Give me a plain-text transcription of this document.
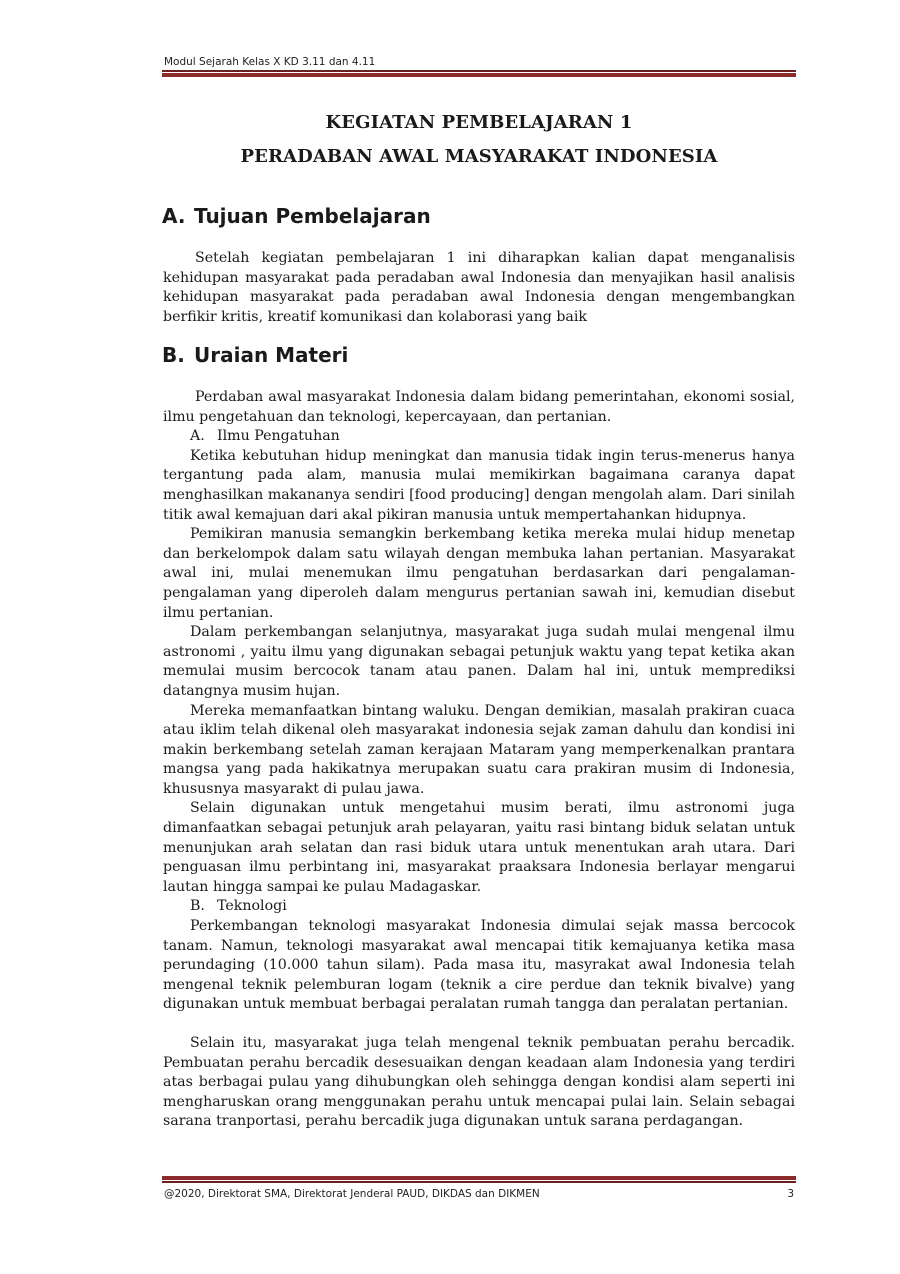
Modul Sejarah Kelas X KD 3.11 dan 4.11
KEGIATAN PEMBELAJARAN 1
PERADABAN AWAL MASYARAKAT INDONESIA
A. Tujuan Pembelajaran

Setelah kegiatan pembelajaran 1 ini diharapkan kalian dapat menganalisis kehidupan masyarakat pada peradaban awal Indonesia dan menyajikan hasil analisis kehidupan masyarakat pada peradaban awal Indonesia dengan mengembangkan berfikir kritis, kreatif komunikasi dan kolaborasi yang baik

B. Uraian Materi

Perdaban awal masyarakat Indonesia dalam bidang pemerintahan, ekonomi sosial, ilmu pengetahuan dan teknologi, kepercayaan, dan pertanian.

A. Ilmu Pengatuhan

Ketika kebutuhan hidup meningkat dan manusia tidak ingin terus-menerus hanya tergantung pada alam, manusia mulai memikirkan bagaimana caranya dapat menghasilkan makananya sendiri [food producing] dengan mengolah alam. Dari sinilah titik awal kemajuan dari akal pikiran manusia untuk mempertahankan hidupnya.

Pemikiran manusia semangkin berkembang ketika mereka mulai hidup menetap dan berkelompok dalam satu wilayah dengan membuka lahan pertanian. Masyarakat awal ini, mulai menemukan ilmu pengatuhan berdasarkan dari pengalaman-pengalaman yang diperoleh dalam mengurus pertanian sawah ini, kemudian disebut ilmu pertanian.

Dalam perkembangan selanjutnya, masyarakat juga sudah mulai mengenal ilmu astronomi , yaitu ilmu yang digunakan sebagai petunjuk waktu yang tepat ketika akan memulai musim bercocok tanam atau panen. Dalam hal ini, untuk memprediksi datangnya musim hujan.

Mereka memanfaatkan bintang waluku. Dengan demikian, masalah prakiran cuaca atau iklim telah dikenal oleh masyarakat indonesia sejak zaman dahulu dan kondisi ini makin berkembang setelah zaman kerajaan Mataram yang memperkenalkan prantara mangsa yang pada hakikatnya merupakan suatu cara prakiran musim di Indonesia, khususnya masyarakt di pulau jawa.

Selain digunakan untuk mengetahui musim berati, ilmu astronomi juga dimanfaatkan sebagai petunjuk arah pelayaran, yaitu rasi bintang biduk selatan untuk menunjukan arah selatan dan rasi biduk utara untuk menentukan arah utara. Dari penguasan ilmu perbintang ini, masyarakat praaksara Indonesia berlayar mengarui lautan hingga sampai ke pulau Madagaskar.

B. Teknologi

Perkembangan teknologi masyarakat Indonesia dimulai sejak massa bercocok tanam. Namun, teknologi masyarakat awal mencapai titik kemajuanya ketika masa perundaging (10.000 tahun silam). Pada masa itu, masyrakat awal Indonesia telah mengenal teknik pelemburan logam (teknik a cire perdue dan teknik bivalve) yang digunakan untuk membuat berbagai peralatan rumah tangga dan peralatan pertanian.

Selain itu, masyarakat juga telah mengenal teknik pembuatan perahu bercadik. Pembuatan perahu bercadik desesuaikan dengan keadaan alam Indonesia yang terdiri atas berbagai pulau yang dihubungkan oleh sehingga dengan kondisi alam seperti ini mengharuskan orang menggunakan perahu untuk mencapai pulai lain. Selain sebagai sarana tranportasi, perahu bercadik juga digunakan untuk sarana perdagangan.

@2020, Direktorat SMA, Direktorat Jenderal PAUD, DIKDAS dan DIKMEN	3
